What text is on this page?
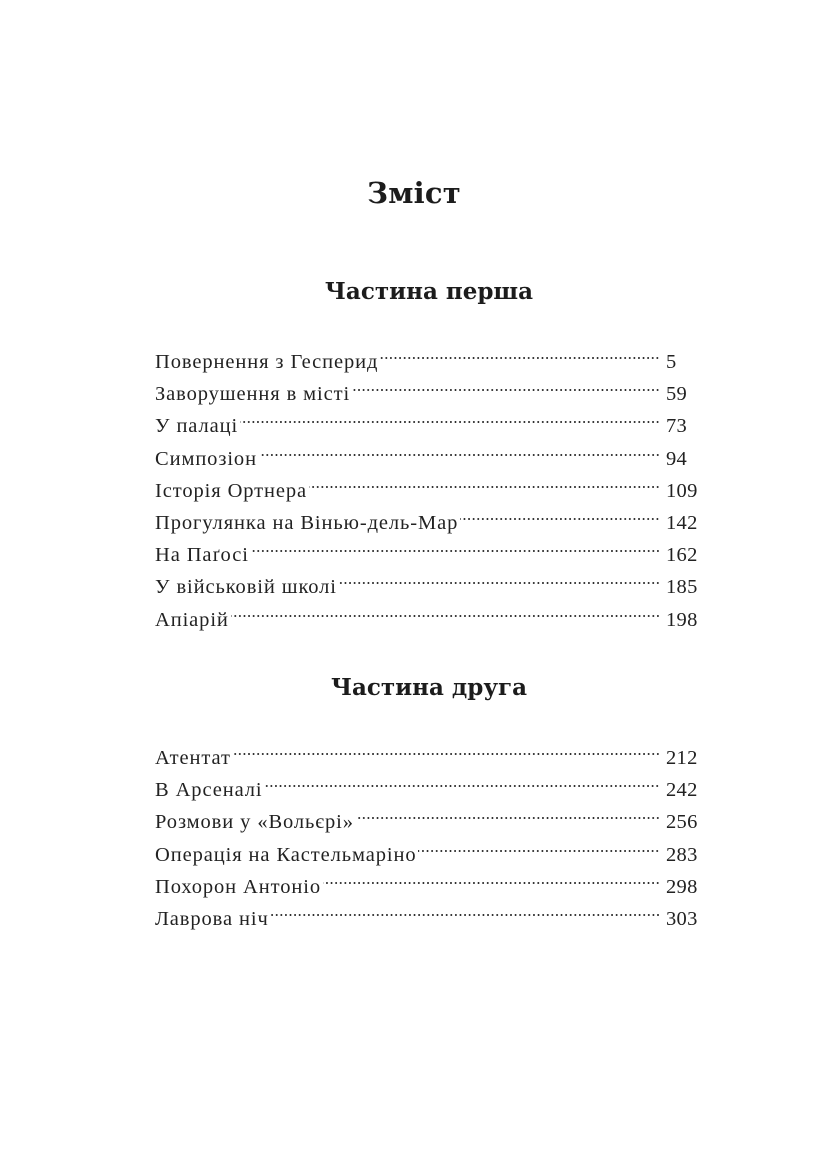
Зміст
Частина перша
Повернення з Гесперид	5
Заворушення в місті	59
У палаці	73
Симпозіон	94
Історія Ортнера	109
Прогулянка на Вінью-дель-Мар	142
На Паґосі	162
У військовій школі	185
Апіарій	198
Частина друга
Атентат	212
В Арсеналі	242
Розмови у «Вольєрі»	256
Операція на Кастельмаріно	283
Похорон Антоніо	298
Лаврова ніч	303
